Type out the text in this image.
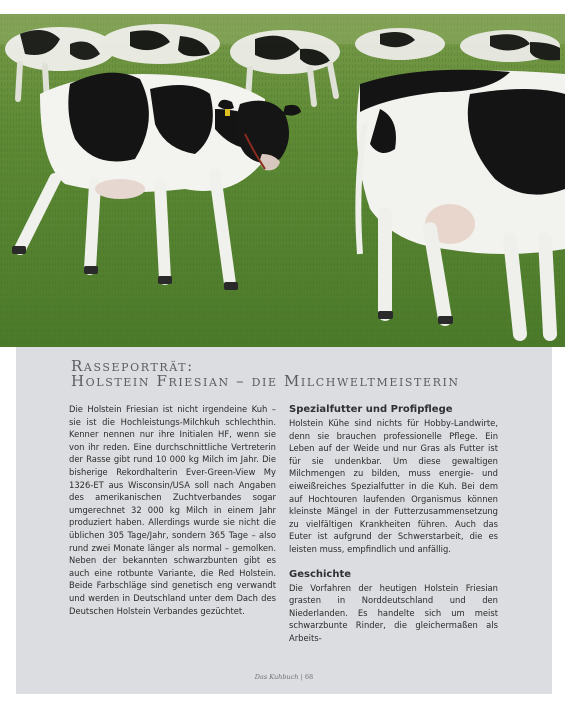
Rasseporträt:
Holstein Friesian – die Milchweltmeisterin

Die Holstein Friesian ist nicht irgendeine Kuh – sie ist die Hochleistungs-Milchkuh schlechthin. Kenner nennen nur ihre Initialen HF, wenn sie von ihr reden. Eine durchschnittliche Vertreterin der Rasse gibt rund 10 000 kg Milch im Jahr. Die bisherige Rekordhalterin Ever-Green-View My 1326-ET aus Wisconsin/USA soll nach Angaben des amerikanischen Zuchtverbandes sogar umgerechnet 32 000 kg Milch in einem Jahr produziert haben. Allerdings wurde sie nicht die üblichen 305 Tage/Jahr, sondern 365 Tage – also rund zwei Monate länger als normal – gemolken. Neben der bekannten schwarzbunten gibt es auch eine rotbunte Variante, die Red Holstein. Beide Farbschläge sind genetisch eng verwandt und werden in Deutschland unter dem Dach des Deutschen Holstein Verbandes gezüchtet.

Spezialfutter und Profipflege

Holstein Kühe sind nichts für Hobby-Landwirte, denn sie brauchen professionelle Pflege. Ein Leben auf der Weide und nur Gras als Futter ist für sie undenkbar. Um diese gewaltigen Milchmengen zu bilden, muss energie- und eiweißreiches Spezialfutter in die Kuh. Bei dem auf Hochtouren laufenden Organismus können kleinste Mängel in der Futterzusammensetzung zu vielfältigen Krankheiten führen. Auch das Euter ist aufgrund der Schwerstarbeit, die es leisten muss, empfindlich und anfällig.

Geschichte

Die Vorfahren der heutigen Holstein Friesian grasten in Norddeutschland und den Niederlanden. Es handelte sich um meist schwarzbunte Rinder, die gleichermaßen als Arbeits-

Das Kuhbuch | 68
